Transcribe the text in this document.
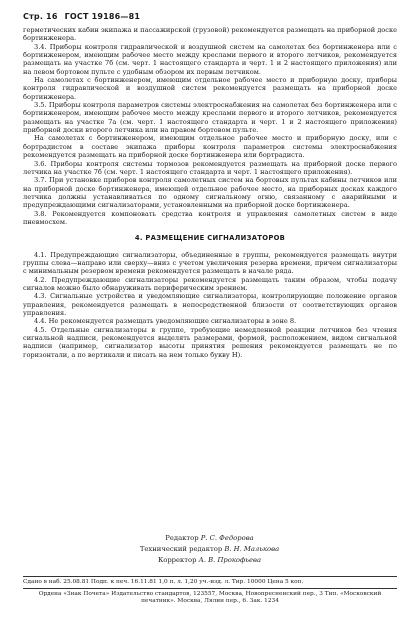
Стр. 16 ГОСТ 19186—81

герметических кабин экипажа и пассажирской (грузовой) рекомендуется размещать на приборной доске бортинженера.

3.4. Приборы контроля гидравлической и воздушной систем на самолетах без бортинженера или с бортинженером, имеющим рабочее место между креслами первого и второго летчиков, рекомендуется размещать на участке 7б (см. черт. 1 настоящего стандарта и черт. 1 и 2 настоящего приложения) или на левом бортовом пульте с удобным обзором их первым летчиком.

На самолетах с бортинженером, имеющим отдельное рабочее место и приборную доску, приборы контроля гидравлической и воздушной систем рекомендуется размещать на приборной доске бортинженера.

3.5. Приборы контроля параметров системы электроснабжения на самолетах без бортинженера или с бортинженером, имеющим рабочее место между креслами первого и второго летчиков, рекомендуется размещать на участке 7а (см. черт. 1 настоящего стандарта и черт. 1 и 2 настоящего приложения) приборной доски второго летчика или на правом бортовом пульте.

На самолетах с бортинженером, имеющим отдельное рабочее место и приборную доску, или с бортрадистом в составе экипажа приборы контроля параметров системы электроснабжения рекомендуется размещать на приборной доске бортинженера или бортрадиста.

3.6. Приборы контроля системы тормозов рекомендуется размещать на приборной доске первого летчика на участке 7б (см. черт. 1 настоящего стандарта и черт. 1 настоящего приложения).

3.7. При установке приборов контроля самолетных систем на бортовых пультах кабины летчиков или на приборной доске бортинженера, имеющей отдельное рабочее место, на приборных досках каждого летчика должны устанавливаться по одному сигнальному огню, связанному с аварийными и предупреждающими сигнализаторами, установленными на приборной доске бортинженера.

3.8. Рекомендуется компоновать средства контроля и управления самолетных систем в виде пневмосхем.

4. РАЗМЕЩЕНИЕ СИГНАЛИЗАТОРОВ

4.1. Предупреждающие сигнализаторы, объединенные в группы, рекомендуется размещать внутри группы слева—направо или сверху—вниз с учетом увеличения резерва времени, причем сигнализаторы с минимальным резервом времени рекомендуется размещать в начале ряда.

4.2. Предупреждающие сигнализаторы рекомендуется размещать таким образом, чтобы подачу сигналов можно было обнаруживать периферическим зрением.

4.3. Сигнальные устройства и уведомляющие сигнализаторы, контролирующие положение органов управления, рекомендуется размещать в непосредственной близости от соответствующих органов управления.

4.4. Не рекомендуется размещать уведомляющие сигнализаторы в зоне 8.

4.5. Отдельные сигнализаторы в группе, требующие немедленной реакции летчиков без чтения сигнальной надписи, рекомендуется выделять размерами, формой, расположением, видом сигнальной надписи (например, сигнализатор высоты принятия решения рекомендуется размещать не по горизонтали, а по вертикали и писать на нем только букву Н).

Редактор Р. С. Федорова
Технический редактор В. Н. Малькова
Корректор А. В. Прокофьева
Сдано в наб. 25.08.81 Подп. к печ. 16.11.81 1,0 п. л. 1,20 уч.-изд. л. Тир. 10000 Цена 5 коп.
Ордена «Знак Почета» Издательство стандартов, 123557, Москва, Новопресненский пер., 3 Тип. «Московский печатник». Москва, Лялин пер., 6. Зак. 1234
